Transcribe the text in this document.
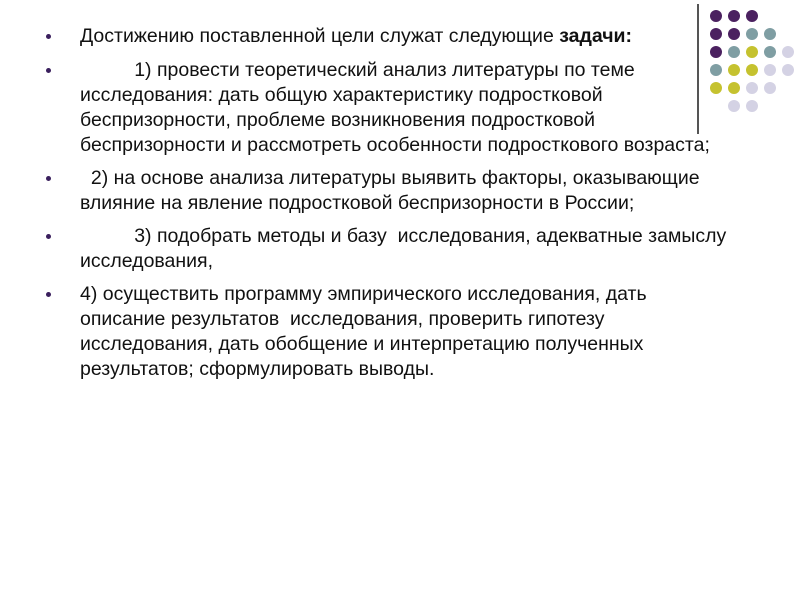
Достижению поставленной цели служат следующие задачи:
1) провести теоретический анализ литературы по теме исследования: дать общую характеристику подростковой беспризорности, проблеме возникновения подростковой беспризорности и рассмотреть особенности подросткового возраста;
2) на основе анализа литературы выявить факторы, оказывающие влияние на явление подростковой беспризорности в России;
3) подобрать методы и базу  исследования, адекватные замыслу исследования,
4) осуществить программу эмпирического исследования, дать описание результатов  исследования, проверить гипотезу исследования, дать обобщение и интерпретацию полученных результатов; сформулировать выводы.
